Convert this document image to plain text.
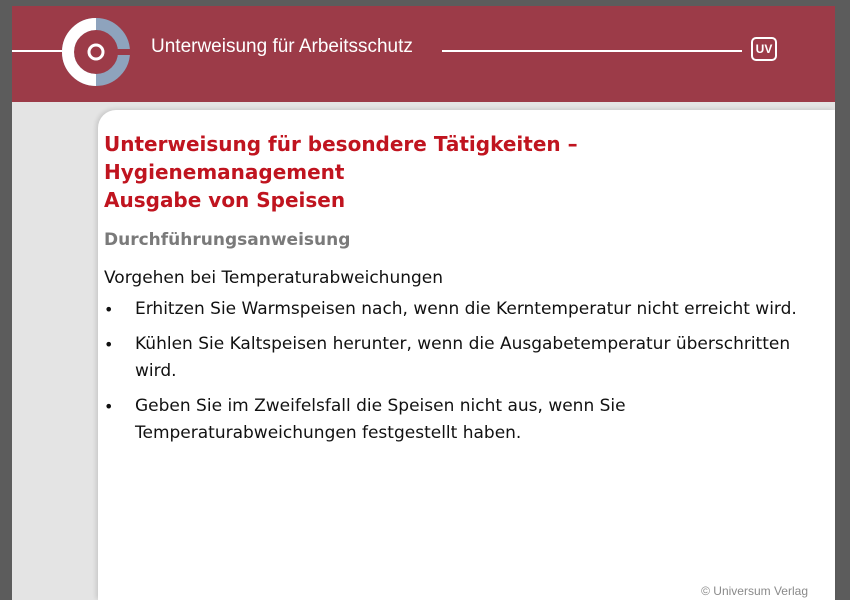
Unterweisung für Arbeitsschutz	UV
Unterweisung für besondere Tätigkeiten – Hygienemanagement
Ausgabe von Speisen
Durchführungsanweisung
Vorgehen bei Temperaturabweichungen
• Erhitzen Sie Warmspeisen nach, wenn die Kerntemperatur nicht erreicht wird.
• Kühlen Sie Kaltspeisen herunter, wenn die Ausgabetemperatur überschritten wird.
• Geben Sie im Zweifelsfall die Speisen nicht aus, wenn Sie Temperaturabweichungen festgestellt haben.
© Universum Verlag
